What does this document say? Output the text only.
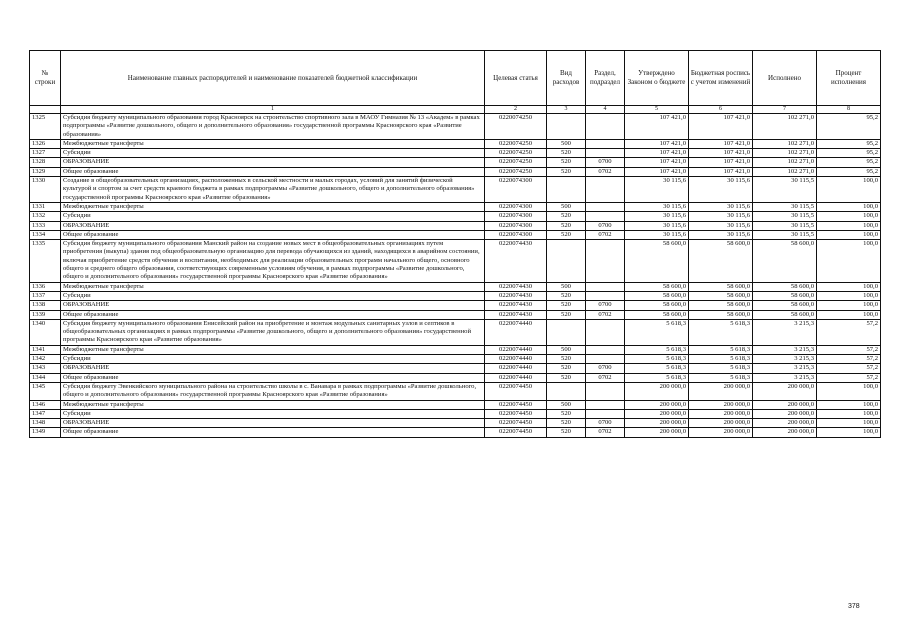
№ строки	Наименование главных распорядителей и наименование показателей бюджетной классификации	Целевая статья	Вид расходов	Раздел, подраздел	Утверждено Законом о бюджете	Бюджетная роспись с учетом изменений	Исполнено	Процент исполнения
	1	2	3	4	5	6	7	8
1325	Субсидия бюджету муниципального образования город Красноярск на строительство спортивного зала в МАОУ Гимназия № 13 «Академ» в рамках подпрограммы «Развитие дошкольного, общего и дополнительного образования» государственной программы Красноярского края «Развитие образования»	0220074250			107 421,0	107 421,0	102 271,0	95,2
1326	Межбюджетные трансферты	0220074250	500		107 421,0	107 421,0	102 271,0	95,2
1327	Субсидии	0220074250	520		107 421,0	107 421,0	102 271,0	95,2
1328	ОБРАЗОВАНИЕ	0220074250	520	0700	107 421,0	107 421,0	102 271,0	95,2
1329	Общее образование	0220074250	520	0702	107 421,0	107 421,0	102 271,0	95,2
1330	Создание в общеобразовательных организациях, расположенных в сельской местности и малых городах, условий для занятий физической культурой и спортом за счет средств краевого бюджета в рамках подпрограммы «Развитие дошкольного, общего и дополнительного образования» государственной программы Красноярского края «Развитие образования»	0220074300			30 115,6	30 115,6	30 115,5	100,0
1331	Межбюджетные трансферты	0220074300	500		30 115,6	30 115,6	30 115,5	100,0
1332	Субсидии	0220074300	520		30 115,6	30 115,6	30 115,5	100,0
1333	ОБРАЗОВАНИЕ	0220074300	520	0700	30 115,6	30 115,6	30 115,5	100,0
1334	Общее образование	0220074300	520	0702	30 115,6	30 115,6	30 115,5	100,0
1335	Субсидия бюджету муниципального образования Манский район на создание новых мест в общеобразовательных организациях путем приобретения (выкупа) здания под общеобразовательную организацию для перевода обучающихся из зданий, находящихся в аварийном состоянии, включая приобретение средств обучения и воспитания, необходимых для реализации образовательных программ начального общего, основного общего и среднего общего образования, соответствующих современным условиям обучения, в рамках подпрограммы «Развитие дошкольного, общего и дополнительного образования» государственной программы Красноярского края «Развитие образования»	0220074430			58 600,0	58 600,0	58 600,0	100,0
1336	Межбюджетные трансферты	0220074430	500		58 600,0	58 600,0	58 600,0	100,0
1337	Субсидии	0220074430	520		58 600,0	58 600,0	58 600,0	100,0
1338	ОБРАЗОВАНИЕ	0220074430	520	0700	58 600,0	58 600,0	58 600,0	100,0
1339	Общее образование	0220074430	520	0702	58 600,0	58 600,0	58 600,0	100,0
1340	Субсидия бюджету муниципального образования Енисейский район на приобретение и монтаж модульных санитарных узлов и септиков в общеобразовательных организациях в рамках подпрограммы «Развитие дошкольного, общего и дополнительного образования» государственной программы Красноярского края «Развитие образования»	0220074440			5 618,3	5 618,3	3 215,3	57,2
1341	Межбюджетные трансферты	0220074440	500		5 618,3	5 618,3	3 215,3	57,2
1342	Субсидии	0220074440	520		5 618,3	5 618,3	3 215,3	57,2
1343	ОБРАЗОВАНИЕ	0220074440	520	0700	5 618,3	5 618,3	3 215,3	57,2
1344	Общее образование	0220074440	520	0702	5 618,3	5 618,3	3 215,3	57,2
1345	Субсидия бюджету Эвенкийского муниципального района на строительство школы в с. Ванавара в рамках подпрограммы «Развитие дошкольного, общего и дополнительного образования» государственной программы Красноярского края «Развитие образования»	0220074450			200 000,0	200 000,0	200 000,0	100,0
1346	Межбюджетные трансферты	0220074450	500		200 000,0	200 000,0	200 000,0	100,0
1347	Субсидии	0220074450	520		200 000,0	200 000,0	200 000,0	100,0
1348	ОБРАЗОВАНИЕ	0220074450	520	0700	200 000,0	200 000,0	200 000,0	100,0
1349	Общее образование	0220074450	520	0702	200 000,0	200 000,0	200 000,0	100,0
378
